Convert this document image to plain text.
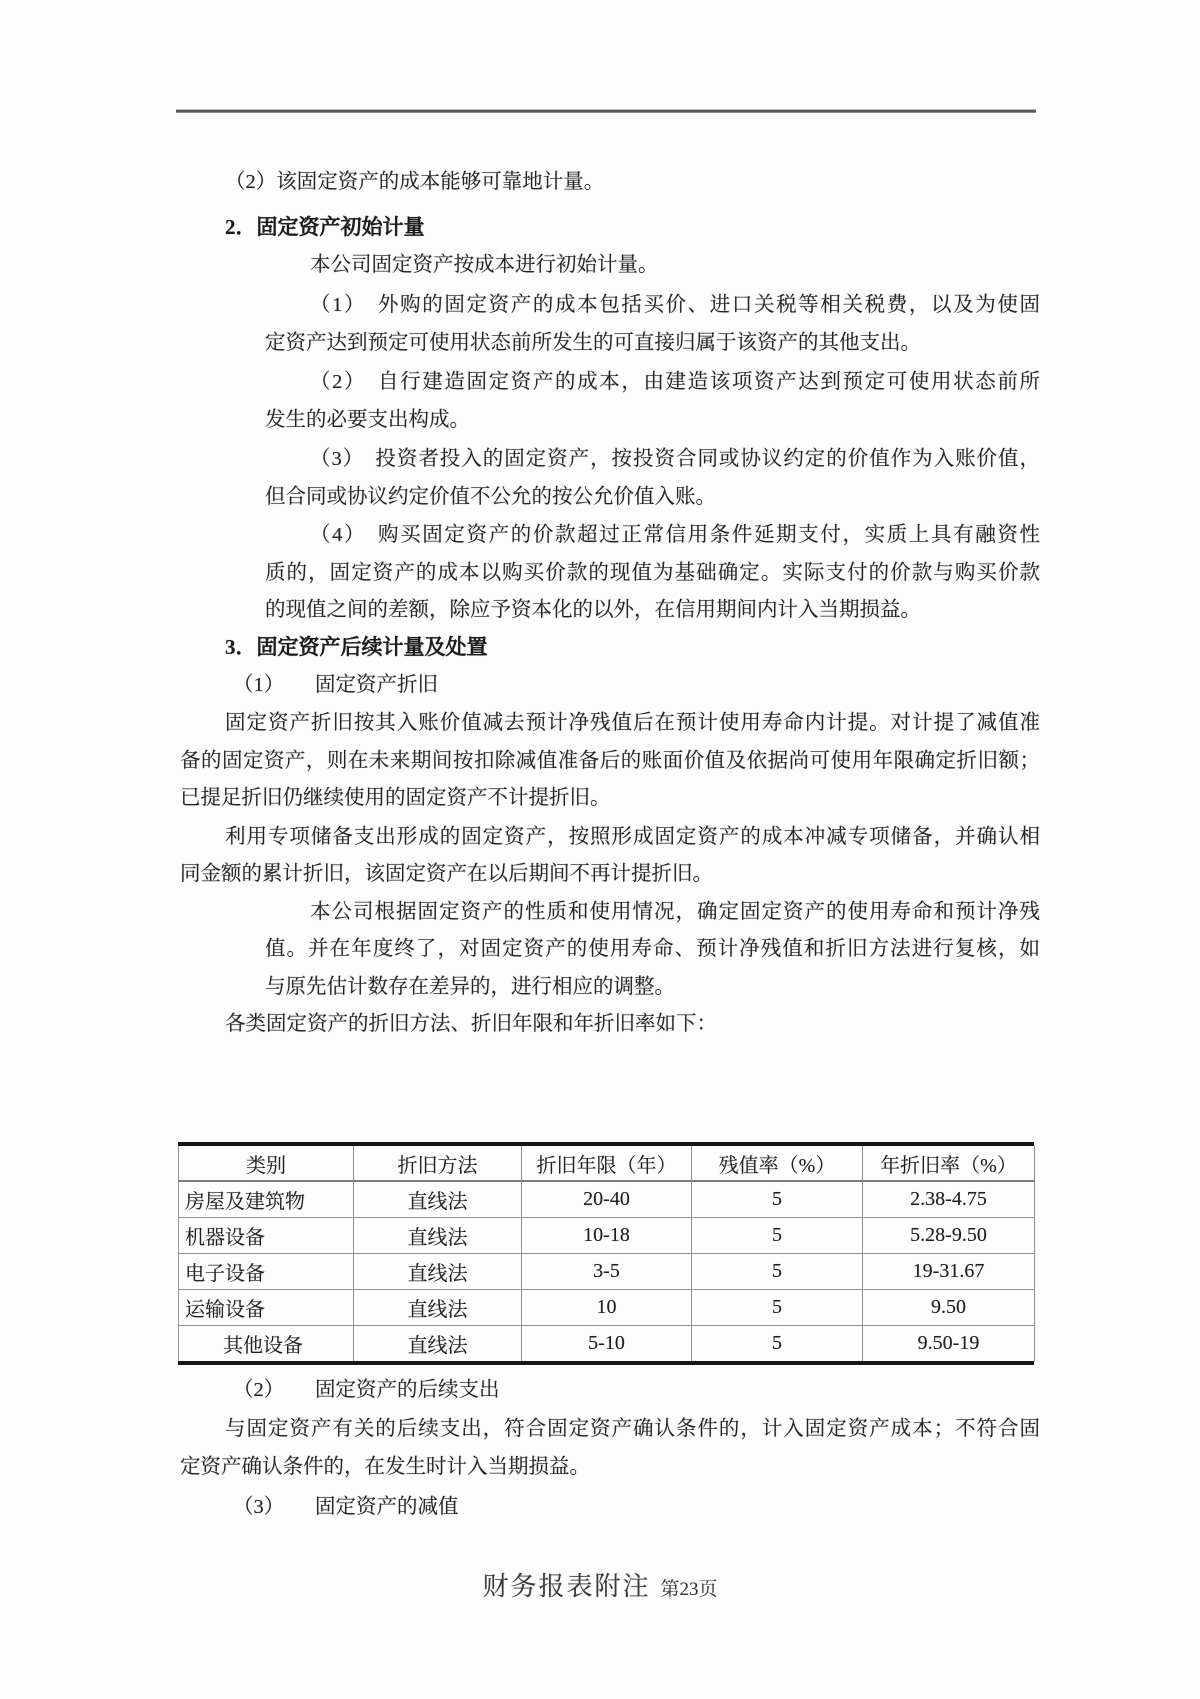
（2）该固定资产的成本能够可靠地计量。
2．固定资产初始计量
本公司固定资产按成本进行初始计量。
（1）　外购的固定资产的成本包括买价、进口关税等相关税费，以及为使固
定资产达到预定可使用状态前所发生的可直接归属于该资产的其他支出。
（2）　自行建造固定资产的成本，由建造该项资产达到预定可使用状态前所
发生的必要支出构成。
（3）　投资者投入的固定资产，按投资合同或协议约定的价值作为入账价值，
但合同或协议约定价值不公允的按公允价值入账。
（4）　购买固定资产的价款超过正常信用条件延期支付，实质上具有融资性
质的，固定资产的成本以购买价款的现值为基础确定。实际支付的价款与购买价款
的现值之间的差额，除应予资本化的以外，在信用期间内计入当期损益。
3．固定资产后续计量及处置
（1）　　固定资产折旧
固定资产折旧按其入账价值减去预计净残值后在预计使用寿命内计提。对计提了减值准
备的固定资产，则在未来期间按扣除减值准备后的账面价值及依据尚可使用年限确定折旧额；
已提足折旧仍继续使用的固定资产不计提折旧。
利用专项储备支出形成的固定资产，按照形成固定资产的成本冲减专项储备，并确认相
同金额的累计折旧，该固定资产在以后期间不再计提折旧。
本公司根据固定资产的性质和使用情况，确定固定资产的使用寿命和预计净残
值。并在年度终了，对固定资产的使用寿命、预计净残值和折旧方法进行复核，如
与原先估计数存在差异的，进行相应的调整。
各类固定资产的折旧方法、折旧年限和年折旧率如下：
类别	折旧方法	折旧年限（年）	残值率（%）	年折旧率（%）
房屋及建筑物	直线法	20-40	5	2.38-4.75
机器设备	直线法	10-18	5	5.28-9.50
电子设备	直线法	3-5	5	19-31.67
运输设备	直线法	10	5	9.50
其他设备	直线法	5-10	5	9.50-19
（2）　　固定资产的后续支出
与固定资产有关的后续支出，符合固定资产确认条件的，计入固定资产成本；不符合固
定资产确认条件的，在发生时计入当期损益。
（3）　　固定资产的减值
财务报表附注 第23页
